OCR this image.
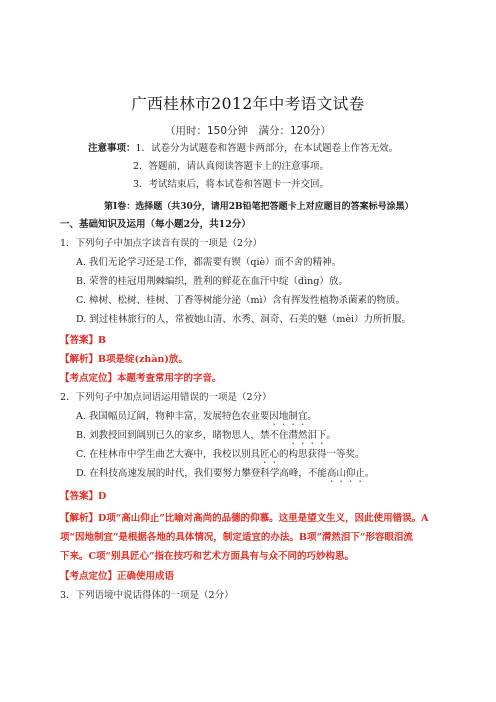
广西桂林市2012年中考语文试卷
（用时：150分钟　满分：120分）
注意事项：1．试卷分为试题卷和答题卡两部分，在本试题卷上作答无效。
2．答题前，请认真阅读答题卡上的注意事项。
3．考试结束后，将本试卷和答题卡一并交回。
第Ⅰ卷：选择题（共30分，请用2B铅笔把答题卡上对应题目的答案标号涂黑）
一、基础知识及运用（每小题2分，共12分）
1．下列句子中加点字读音有误的一项是（2分）
A. 我们无论学习还是工作，都需要有锲（qiè）而不舍的精神。
B. 荣誉的桂冠用荆棘编织，胜利的鲜花在血汗中绽（dìng）放。
C. 樟树、松树、桂树、丁香等树能分泌（mì）含有挥发性植物杀菌素的物质。
D. 到过桂林旅行的人，常被她山清、水秀、洞奇、石美的魅（mèi）力所折服。
【答案】B
【解析】B项是绽(zhàn)放。
【考点定位】本题考查常用字的字音。
2．下列句子中加点词语运用错误的一项是（2分）
A. 我国幅员辽阔，物种丰富，发展特色农业要因地制宜。
B. 刘教授回到阔别已久的家乡，睹物思人，禁不住潸然泪下。
C. 在桂林市中学生曲艺大赛中，我校以别具匠心的构思获得一等奖。
D. 在科技高速发展的时代，我们要努力攀登科学高峰，不能高山仰止。
【答案】D
【解析】D项“高山仰止”比喻对高尚的品德的仰慕。这里是望文生义，因此使用错误。A
项“因地制宜”是根据各地的具体情况，制定适宜的办法。B项“潸然泪下”形容眼泪流
下来。C项“别具匠心”指在技巧和艺术方面具有与众不同的巧妙构思。
【考点定位】正确使用成语
3．下列语境中说话得体的一项是（2分）
